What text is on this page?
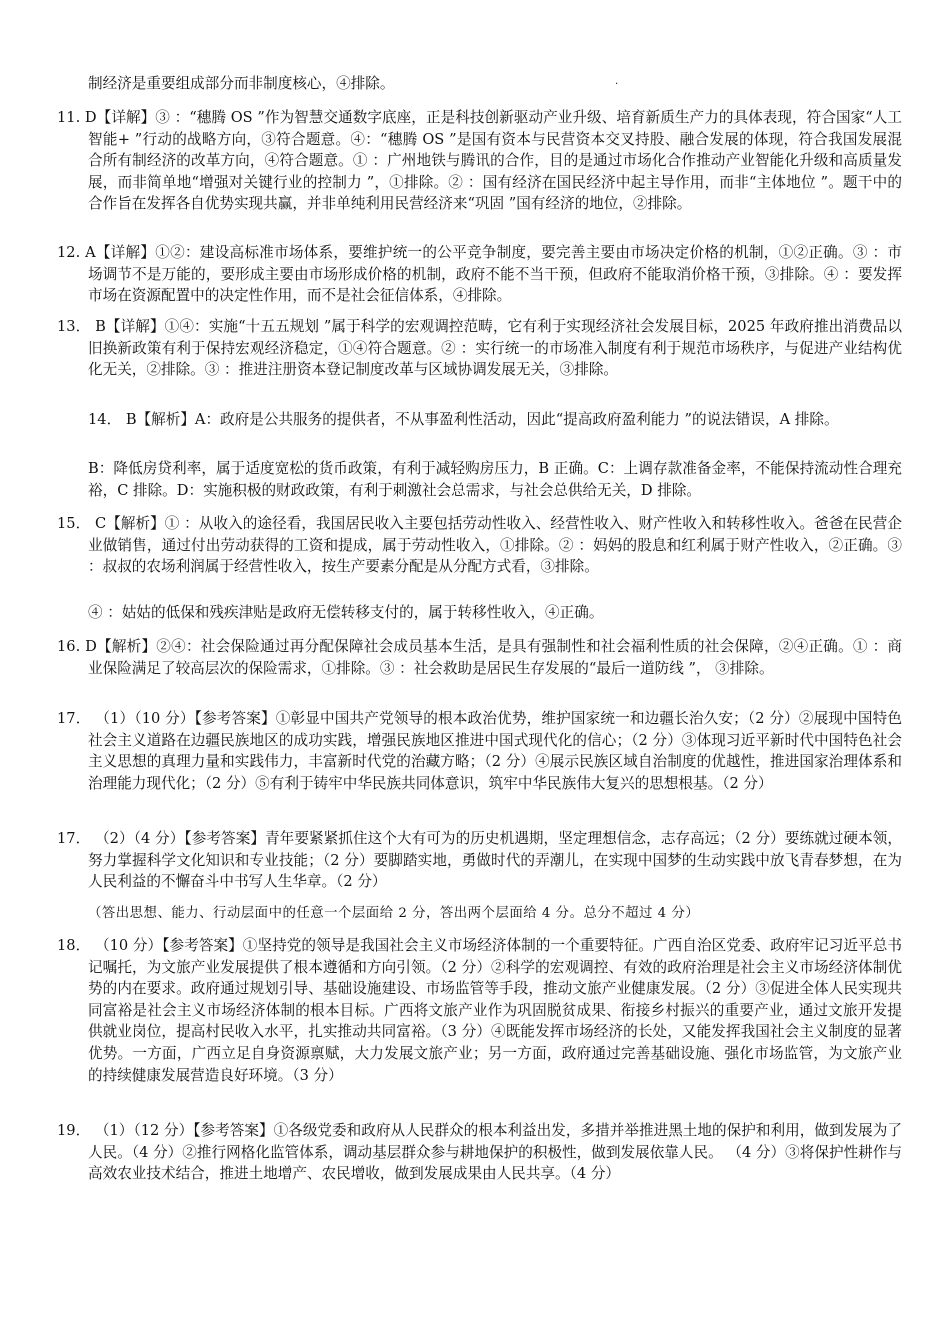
·
制经济是重要组成部分而非制度核心，④排除。
11. D【详解】③ ：“穗腾 OS ”作为智慧交通数字底座，正是科技创新驱动产业升级、培育新质生产力的具体表现，符合国家“人工智能+ ”行动的战略方向，③符合题意。④：“穗腾 OS ”是国有资本与民营资本交叉持股、融合发展的体现，符合我国发展混合所有制经济的改革方向，④符合题意。① ：广州地铁与腾讯的合作，目的是通过市场化合作推动产业智能化升级和高质量发展，而非简单地“增强对关键行业的控制力 ”，①排除。② ：国有经济在国民经济中起主导作用，而非“主体地位 ”。题干中的合作旨在发挥各自优势实现共赢，并非单纯利用民营经济来“巩固 ”国有经济的地位，②排除。
12. A【详解】①②：建设高标准市场体系，要维护统一的公平竞争制度，要完善主要由市场决定价格的机制，①②正确。③ ：市场调节不是万能的，要形成主要由市场形成价格的机制，政府不能不当干预，但政府不能取消价格干预，③排除。④ ：要发挥市场在资源配置中的决定性作用，而不是社会征信体系，④排除。
13． B【详解】①④：实施“十五五规划 ”属于科学的宏观调控范畴，它有利于实现经济社会发展目标，2025 年政府推出消费品以旧换新政策有利于保持宏观经济稳定，①④符合题意。② ：实行统一的市场准入制度有利于规范市场秩序，与促进产业结构优化无关，②排除。③ ：推进注册资本登记制度改革与区域协调发展无关，③排除。
14． B【解析】A：政府是公共服务的提供者，不从事盈利性活动，因此“提高政府盈利能力 ”的说法错误，A 排除。
B：降低房贷利率，属于适度宽松的货币政策，有利于减轻购房压力，B 正确。C：上调存款准备金率，不能保持流动性合理充裕，C 排除。D：实施积极的财政政策，有利于刺激社会总需求，与社会总供给无关，D 排除。
15． C【解析】① ：从收入的途径看，我国居民收入主要包括劳动性收入、经营性收入、财产性收入和转移性收入。爸爸在民营企业做销售，通过付出劳动获得的工资和提成，属于劳动性收入，①排除。② ：妈妈的股息和红利属于财产性收入，②正确。③ ：叔叔的农场利润属于经营性收入，按生产要素分配是从分配方式看，③排除。
④ ：姑姑的低保和残疾津贴是政府无偿转移支付的，属于转移性收入，④正确。
16. D【解析】②④：社会保险通过再分配保障社会成员基本生活，是具有强制性和社会福利性质的社会保障，②④正确。① ：商业保险满足了较高层次的保险需求，①排除。③ ：社会救助是居民生存发展的“最后一道防线 ”， ③排除。
17． （1）（10 分）【参考答案】①彰显中国共产党领导的根本政治优势，维护国家统一和边疆长治久安；（2 分）②展现中国特色社会主义道路在边疆民族地区的成功实践，增强民族地区推进中国式现代化的信心；（2 分）③体现习近平新时代中国特色社会主义思想的真理力量和实践伟力，丰富新时代党的治藏方略；（2 分）④展示民族区域自治制度的优越性，推进国家治理体系和治理能力现代化；（2 分）⑤有利于铸牢中华民族共同体意识，筑牢中华民族伟大复兴的思想根基。（2 分）
17． （2）（4 分）【参考答案】青年要紧紧抓住这个大有可为的历史机遇期，坚定理想信念，志存高远；（2 分）要练就过硬本领，努力掌握科学文化知识和专业技能；（2 分）要脚踏实地，勇做时代的弄潮儿，在实现中国梦的生动实践中放飞青春梦想，在为人民利益的不懈奋斗中书写人生华章。（2 分）
（答出思想、能力、行动层面中的任意一个层面给 2 分，答出两个层面给 4 分。总分不超过 4 分）
18． （10 分）【参考答案】①坚持党的领导是我国社会主义市场经济体制的一个重要特征。广西自治区党委、政府牢记习近平总书记嘱托，为文旅产业发展提供了根本遵循和方向引领。（2 分）②科学的宏观调控、有效的政府治理是社会主义市场经济体制优势的内在要求。政府通过规划引导、基础设施建设、市场监管等手段，推动文旅产业健康发展。（2 分）③促进全体人民实现共同富裕是社会主义市场经济体制的根本目标。广西将文旅产业作为巩固脱贫成果、衔接乡村振兴的重要产业，通过文旅开发提供就业岗位，提高村民收入水平，扎实推动共同富裕。（3 分）④既能发挥市场经济的长处，又能发挥我国社会主义制度的显著优势。一方面，广西立足自身资源禀赋，大力发展文旅产业；另一方面，政府通过完善基础设施、强化市场监管，为文旅产业的持续健康发展营造良好环境。（3 分）
19． （1）（12 分）【参考答案】①各级党委和政府从人民群众的根本利益出发，多措并举推进黑土地的保护和利用，做到发展为了人民。（4 分）②推行网格化监管体系，调动基层群众参与耕地保护的积极性，做到发展依靠人民。 （4 分）③将保护性耕作与高效农业技术结合，推进土地增产、农民增收，做到发展成果由人民共享。（4 分）
